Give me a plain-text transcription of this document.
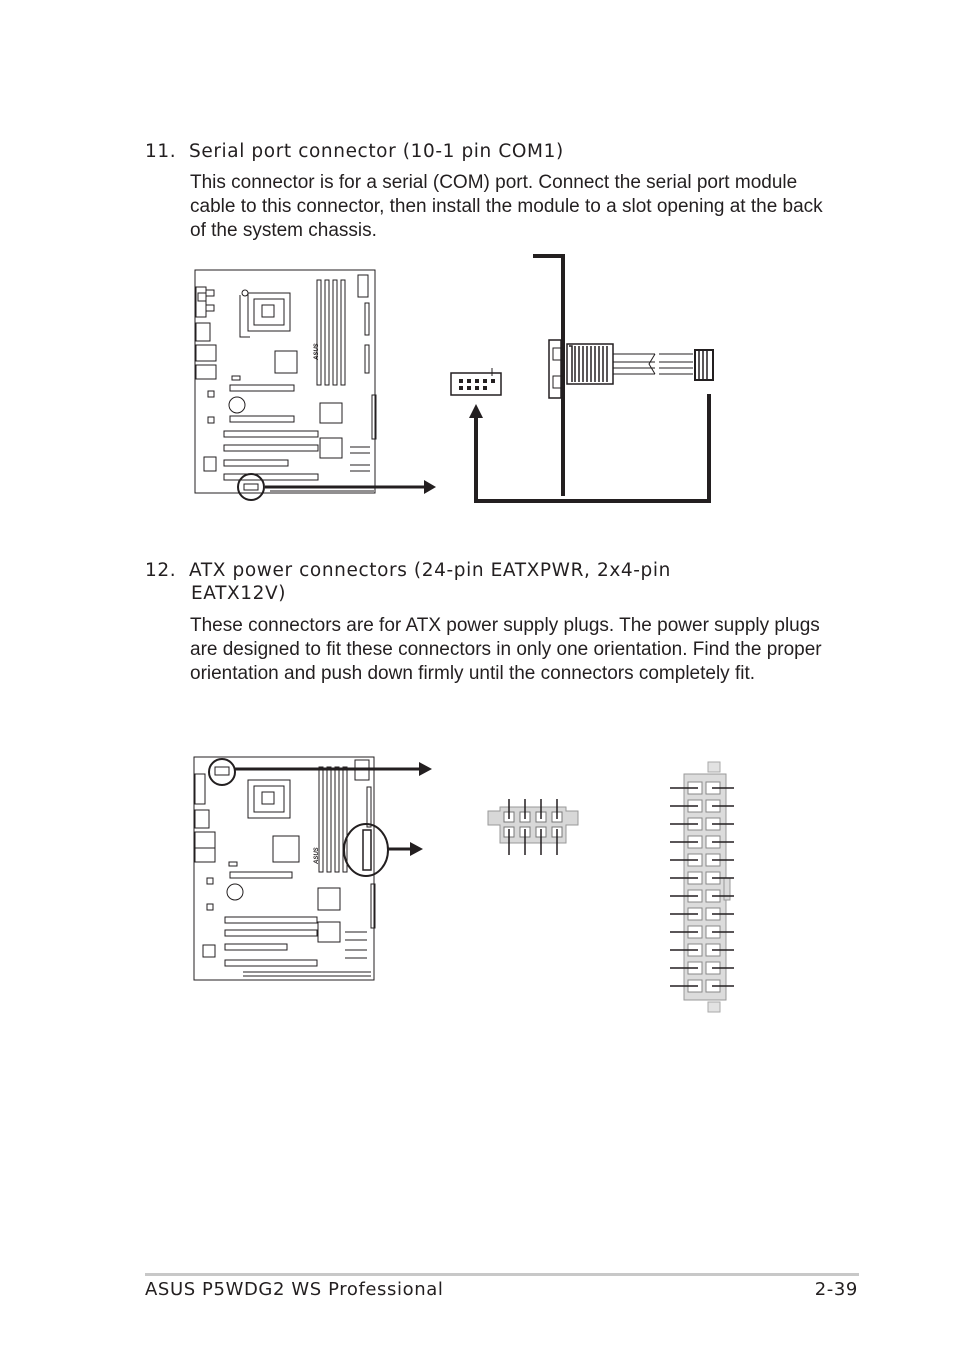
11. Serial port connector (10-1 pin COM1)

This connector is for a serial (COM) port. Connect the serial port module cable to this connector, then install the module to a slot opening at the back of the system chassis.

ASUS
12. ATX power connectors (24-pin EATXPWR, 2x4-pin
EATX12V)

These connectors are for ATX power supply plugs. The power supply plugs are designed to fit these connectors in only one orientation. Find the proper orientation and push down firmly until the connectors completely fit.

ASUS
ASUS P5WDG2 WS Professional	2-39
